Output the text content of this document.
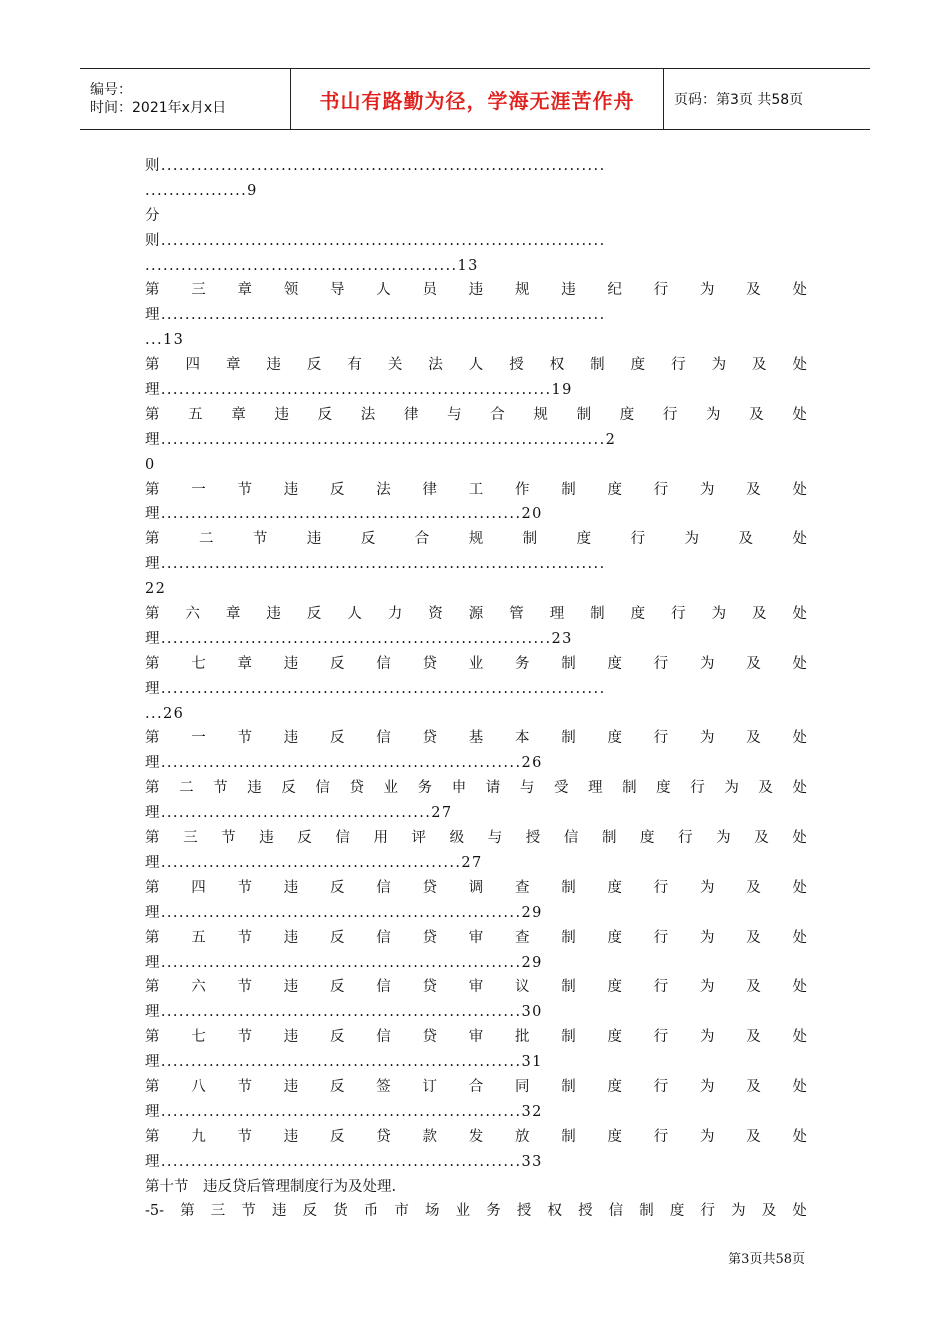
编号：
时间：2021年x月x日	书山有路勤为径，学海无涯苦作舟	页码：第3页 共58页
则..........................................................................
.................9
分
则..........................................................................
....................................................13
第 三 章 领 导 人 员 违 规 违 纪 行 为 及 处
理..........................................................................
...13
第 四 章 违 反 有 关 法 人 授 权 制 度 行 为 及 处
理.................................................................19
第 五 章 违 反 法 律 与 合 规 制 度 行 为 及 处
理..........................................................................2
0
第 一 节 违 反 法 律 工 作 制 度 行 为 及 处
理............................................................20
第	二	节	违	反	合	规	制	度	行	为	及	处
理..........................................................................
22
第 六 章 违 反 人 力 资 源 管 理 制 度 行 为 及 处
理.................................................................23
第 七 章 违 反 信 贷 业 务 制 度 行 为 及 处
理..........................................................................
...26
第 一 节 违 反 信 贷 基 本 制 度 行 为 及 处
理............................................................26
第 二 节 违 反 信 贷 业 务 申 请 与 受 理 制 度 行 为 及 处
理.............................................27
第 三 节 违 反 信 用 评 级 与 授 信 制 度 行 为 及 处
理..................................................27
第 四 节 违 反 信 贷 调 查 制 度 行 为 及 处
理............................................................29
第 五 节 违 反 信 贷 审 查 制 度 行 为 及 处
理............................................................29
第 六 节 违 反 信 贷 审 议 制 度 行 为 及 处
理............................................................30
第 七 节 违 反 信 贷 审 批 制 度 行 为 及 处
理............................................................31
第 八 节 违 反 签 订 合 同 制 度 行 为 及 处
理............................................................32
第 九 节 违 反 贷 款 发 放 制 度 行 为 及 处
理............................................................33
第十节　违反贷后管理制度行为及处理.
-5- 第 三 节 违 反 货 币 市 场 业 务 授 权 授 信 制 度 行 为 及 处
第3页共58页
